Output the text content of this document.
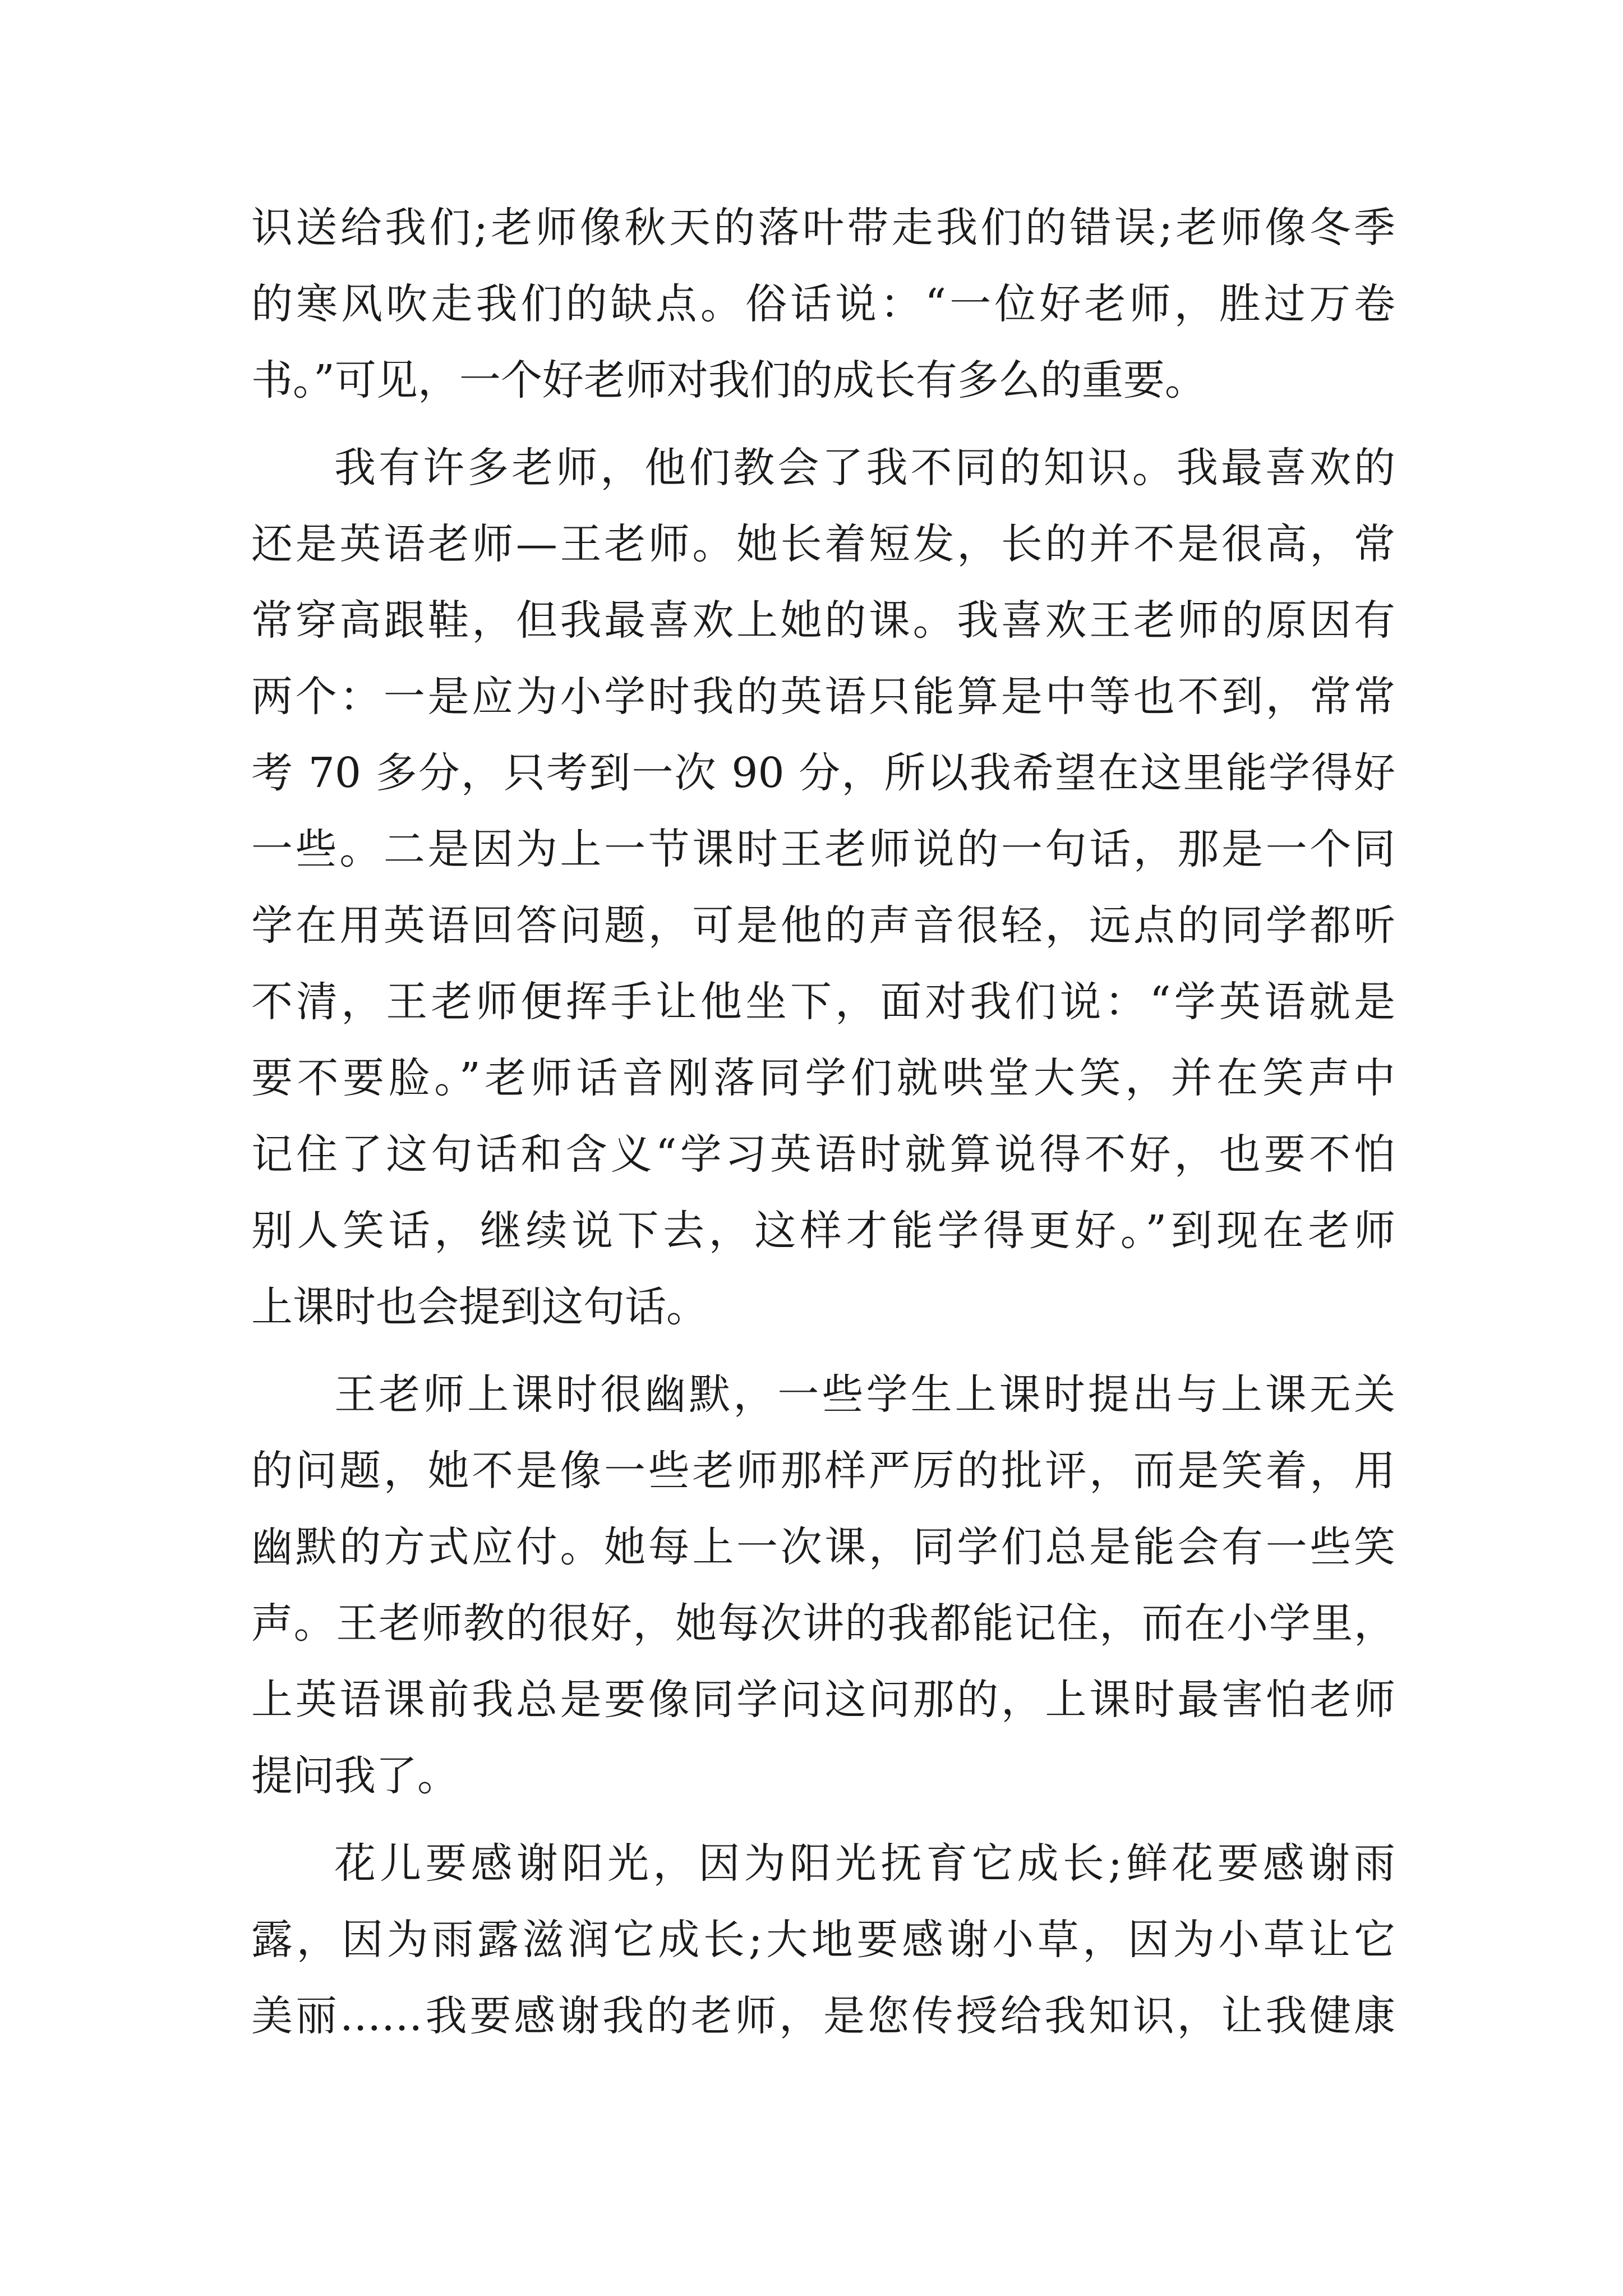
识送给我们;老师像秋天的落叶带走我们的错误;老师像冬季
的寒风吹走我们的缺点。俗话说：“一位好老师，胜过万卷
书。”可见，一个好老师对我们的成长有多么的重要。
我有许多老师，他们教会了我不同的知识。我最喜欢的
还是英语老师—王老师。她长着短发，长的并不是很高，常
常穿高跟鞋，但我最喜欢上她的课。我喜欢王老师的原因有
两个：一是应为小学时我的英语只能算是中等也不到，常常
考 70 多分，只考到一次 90 分，所以我希望在这里能学得好
一些。二是因为上一节课时王老师说的一句话，那是一个同
学在用英语回答问题，可是他的声音很轻，远点的同学都听
不清，王老师便挥手让他坐下，面对我们说：“学英语就是
要不要脸。”老师话音刚落同学们就哄堂大笑，并在笑声中
记住了这句话和含义“学习英语时就算说得不好，也要不怕
别人笑话，继续说下去，这样才能学得更好。”到现在老师
上课时也会提到这句话。
王老师上课时很幽默，一些学生上课时提出与上课无关
的问题，她不是像一些老师那样严厉的批评，而是笑着，用
幽默的方式应付。她每上一次课，同学们总是能会有一些笑
声。王老师教的很好，她每次讲的我都能记住，而在小学里，
上英语课前我总是要像同学问这问那的，上课时最害怕老师
提问我了。
花儿要感谢阳光，因为阳光抚育它成长;鲜花要感谢雨
露，因为雨露滋润它成长;大地要感谢小草，因为小草让它
美丽……我要感谢我的老师，是您传授给我知识，让我健康
